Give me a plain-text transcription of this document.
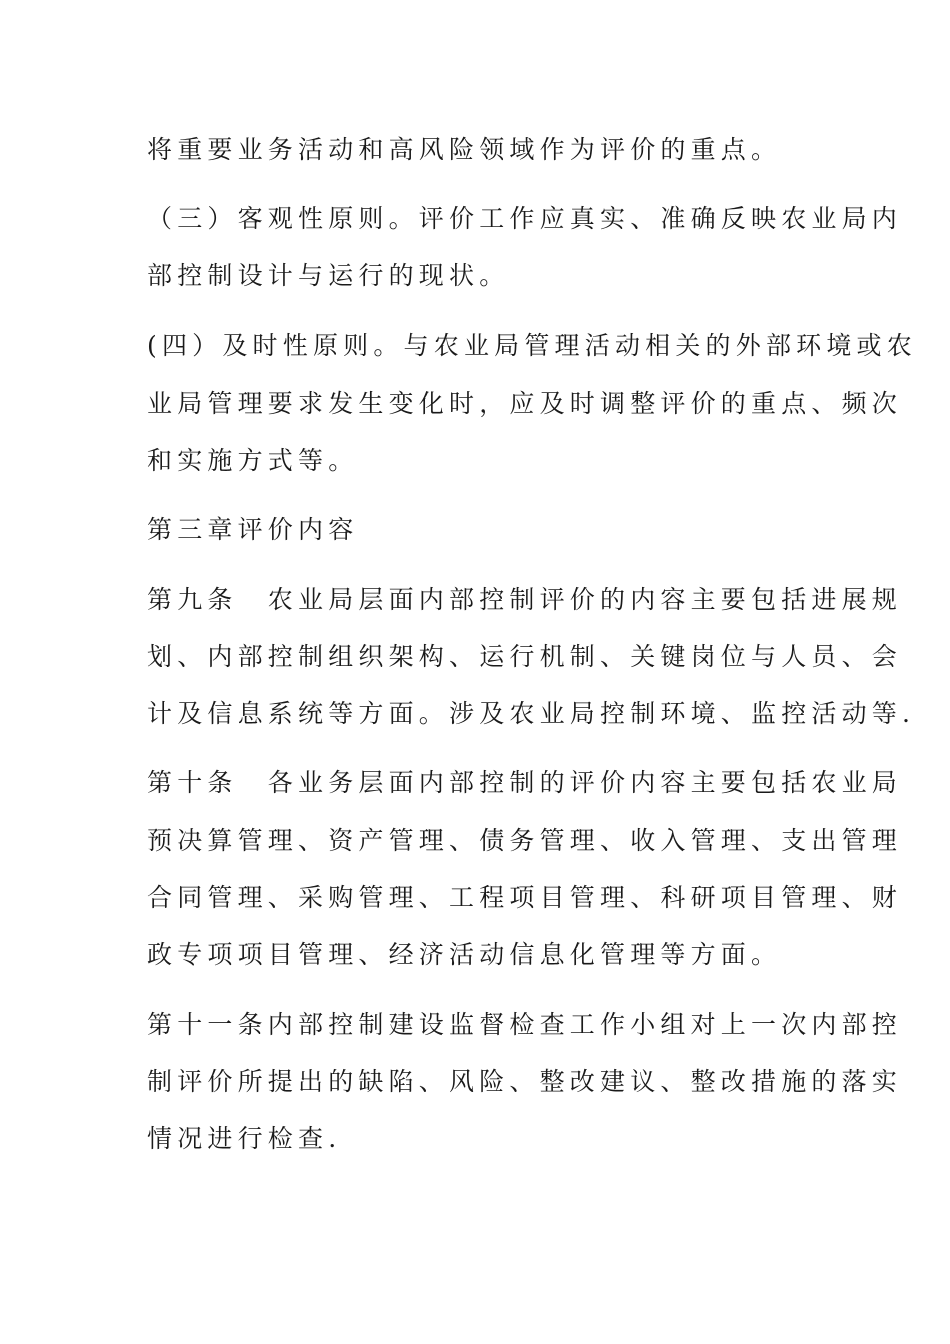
将重要业务活动和高风险领域作为评价的重点。
（三）客观性原则。评价工作应真实、准确反映农业局内
部控制设计与运行的现状。
(四）及时性原则。与农业局管理活动相关的外部环境或农
业局管理要求发生变化时，应及时调整评价的重点、频次
和实施方式等。
第三章评价内容
第九条　农业局层面内部控制评价的内容主要包括进展规
划、内部控制组织架构、运行机制、关键岗位与人员、会
计及信息系统等方面。涉及农业局控制环境、监控活动等.
第十条　各业务层面内部控制的评价内容主要包括农业局
预决算管理、资产管理、债务管理、收入管理、支出管理
合同管理、采购管理、工程项目管理、科研项目管理、财
政专项项目管理、经济活动信息化管理等方面。
第十一条内部控制建设监督检查工作小组对上一次内部控
制评价所提出的缺陷、风险、整改建议、整改措施的落实
情况进行检查.
